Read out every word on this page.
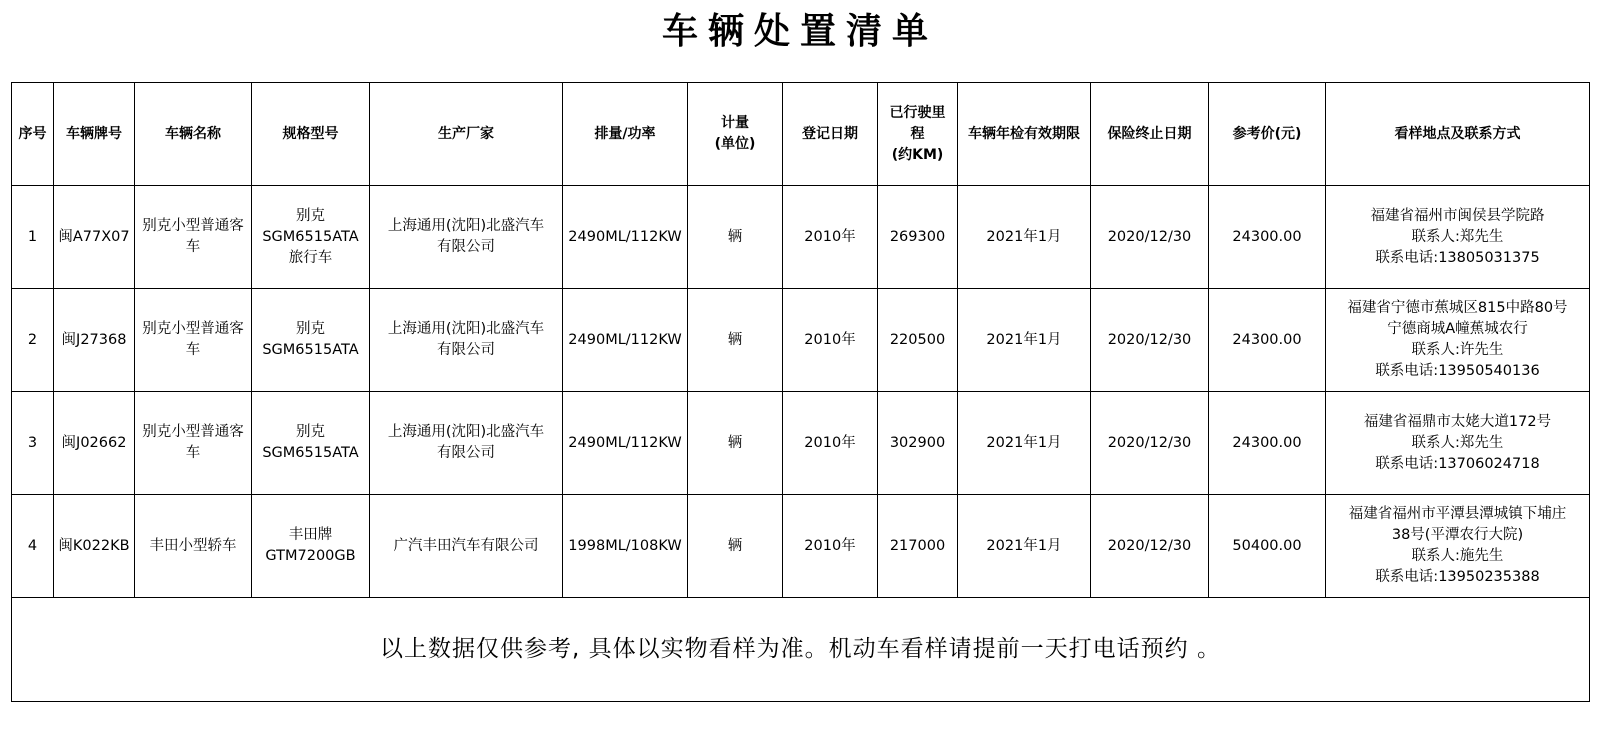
车辆处置清单
序号	车辆牌号	车辆名称	规格型号	生产厂家	排量/功率	计量
(单位)	登记日期	已行驶里
程
(约KM)	车辆年检有效期限	保险终止日期	参考价(元)	看样地点及联系方式
1	闽A77X07	别克小型普通客
车	别克
SGM6515ATA
旅行车	上海通用(沈阳)北盛汽车
有限公司	2490ML/112KW	辆	2010年	269300	2021年1月	2020/12/30	24300.00	福建省福州市闽侯县学院路
联系人:郑先生
联系电话:13805031375

2	闽J27368	别克小型普通客
车	别克
SGM6515ATA	上海通用(沈阳)北盛汽车
有限公司	2490ML/112KW	辆	2010年	220500	2021年1月	2020/12/30	24300.00	福建省宁德市蕉城区815中路80号
宁德商城A幢蕉城农行
联系人:许先生
联系电话:13950540136

3	闽J02662	别克小型普通客
车	别克
SGM6515ATA	上海通用(沈阳)北盛汽车
有限公司	2490ML/112KW	辆	2010年	302900	2021年1月	2020/12/30	24300.00	福建省福鼎市太姥大道172号
联系人:郑先生
联系电话:13706024718

4	闽K022KB	丰田小型轿车	丰田牌
GTM7200GB	广汽丰田汽车有限公司	1998ML/108KW	辆	2010年	217000	2021年1月	2020/12/30	50400.00	福建省福州市平潭县潭城镇下埔庄
38号(平潭农行大院)
联系人:施先生
联系电话:13950235388

以上数据仅供参考, 具体以实物看样为准。机动车看样请提前一天打电话预约 。												
